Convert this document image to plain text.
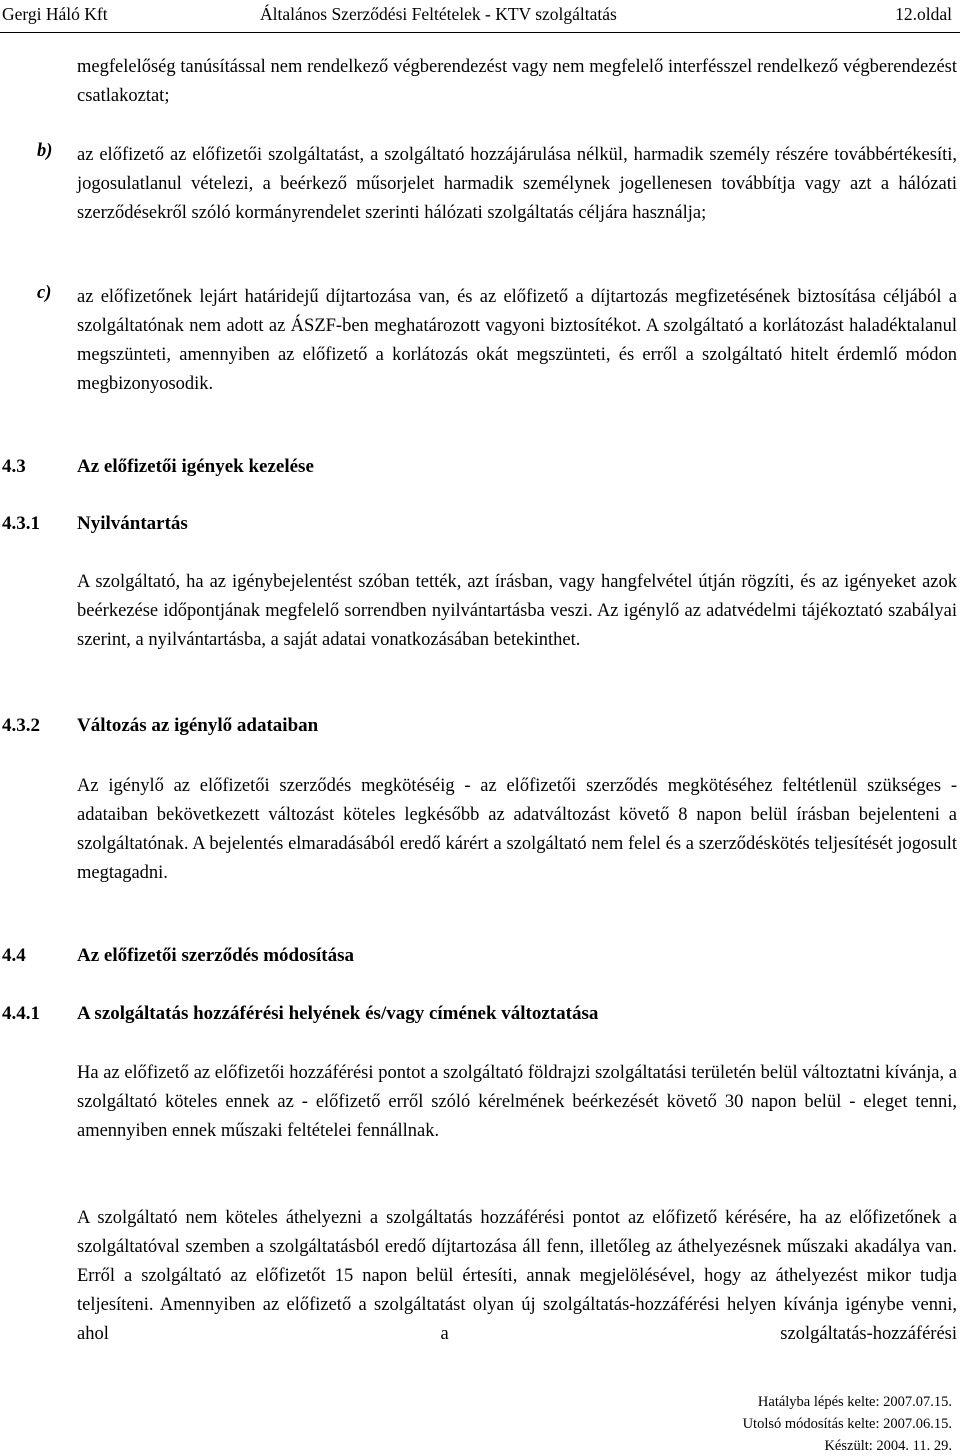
Gergi Háló Kft	Általános Szerződési Feltételek - KTV szolgáltatás	12.oldal
megfelelőség tanúsítással nem rendelkező végberendezést vagy nem megfelelő interfésszel rendelkező végberendezést csatlakoztat;
b) az előfizető az előfizetői szolgáltatást, a szolgáltató hozzájárulása nélkül, harmadik személy részére továbbértékesíti, jogosulatlanul vételezi, a beérkező műsorjelet harmadik személynek jogellenesen továbbítja vagy azt a hálózati szerződésekről szóló kormányrendelet szerinti hálózati szolgáltatás céljára használja;
c) az előfizetőnek lejárt határidejű díjtartozása van, és az előfizető a díjtartozás megfizetésének biztosítása céljából a szolgáltatónak nem adott az ÁSZF-ben meghatározott vagyoni biztosítékot. A szolgáltató a korlátozást haladéktalanul megszünteti, amennyiben az előfizető a korlátozás okát megszünteti, és erről a szolgáltató hitelt érdemlő módon megbizonyosodik.
4.3	Az előfizetői igények kezelése
4.3.1 Nyilvántartás
A szolgáltató, ha az igénybejelentést szóban tették, azt írásban, vagy hangfelvétel útján rögzíti, és az igényeket azok beérkezése időpontjának megfelelő sorrendben nyilvántartásba veszi. Az igénylő az adatvédelmi tájékoztató szabályai szerint, a nyilvántartásba, a saját adatai vonatkozásában betekinthet.
4.3.2 Változás az igénylő adataiban
Az igénylő az előfizetői szerződés megkötéséig - az előfizetői szerződés megkötéséhez feltétlenül szükséges - adataiban bekövetkezett változást köteles legkésőbb az adatváltozást követő 8 napon belül írásban bejelenteni a szolgáltatónak. A bejelentés elmaradásából eredő kárért a szolgáltató nem felel és a szerződéskötés teljesítését jogosult megtagadni.
4.4	Az előfizetői szerződés módosítása
4.4.1 A szolgáltatás hozzáférési helyének és/vagy címének változtatása
Ha az előfizető az előfizetői hozzáférési pontot a szolgáltató földrajzi szolgáltatási területén belül változtatni kívánja, a szolgáltató köteles ennek az - előfizető erről szóló kérelmének beérkezését követő 30 napon belül - eleget tenni, amennyiben ennek műszaki feltételei fennállnak.
A szolgáltató nem köteles áthelyezni a szolgáltatás hozzáférési pontot az előfizető kérésére, ha az előfizetőnek a szolgáltatóval szemben a szolgáltatásból eredő díjtartozása áll fenn, illetőleg az áthelyezésnek műszaki akadálya van. Erről a szolgáltató az előfizetőt 15 napon belül értesíti, annak megjelölésével, hogy az áthelyezést mikor tudja teljesíteni. Amennyiben az előfizető a szolgáltatást olyan új szolgáltatás-hozzáférési helyen kívánja igénybe venni, ahol a szolgáltatás-hozzáférési
Hatályba lépés kelte: 2007.07.15.
Utolsó módosítás kelte: 2007.06.15.
Készült: 2004. 11. 29.
